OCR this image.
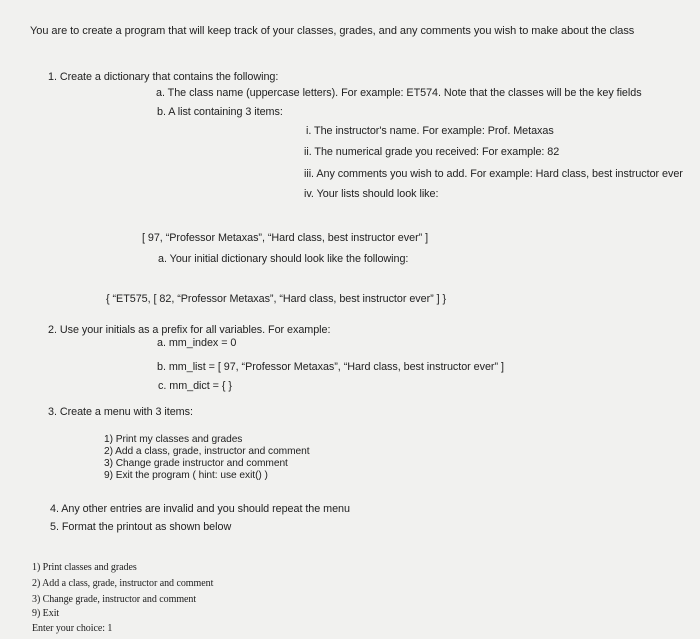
You are to create a program that will keep track of your classes, grades, and any comments you wish to make about the class
1. Create a dictionary that contains the following:
a. The class name (uppercase letters). For example: ET574. Note that the classes will be the key fields
b. A list containing 3 items:
i. The instructor's name. For example: Prof. Metaxas
ii. The numerical grade you received: For example: 82
iii. Any comments you wish to add. For example: Hard class, best instructor ever
iv. Your lists should look like:
[ 97, “Professor Metaxas”, “Hard class, best instructor ever” ]
a. Your initial dictionary should look like the following:
{ “ET575, [ 82, “Professor Metaxas”, “Hard class, best instructor ever” ] }
2. Use your initials as a prefix for all variables. For example:
a. mm_index = 0
b. mm_list = [ 97, “Professor Metaxas”, “Hard class, best instructor ever” ]
c. mm_dict = { }
3. Create a menu with 3 items:
1) Print my classes and grades
2) Add a class, grade, instructor and comment
3) Change grade instructor and comment
9) Exit the program ( hint: use exit() )
4. Any other entries are invalid and you should repeat the menu
5. Format the printout as shown below
1) Print classes and grades
2) Add a class, grade, instructor and comment
3) Change grade, instructor and comment
9) Exit
Enter your choice: 1
